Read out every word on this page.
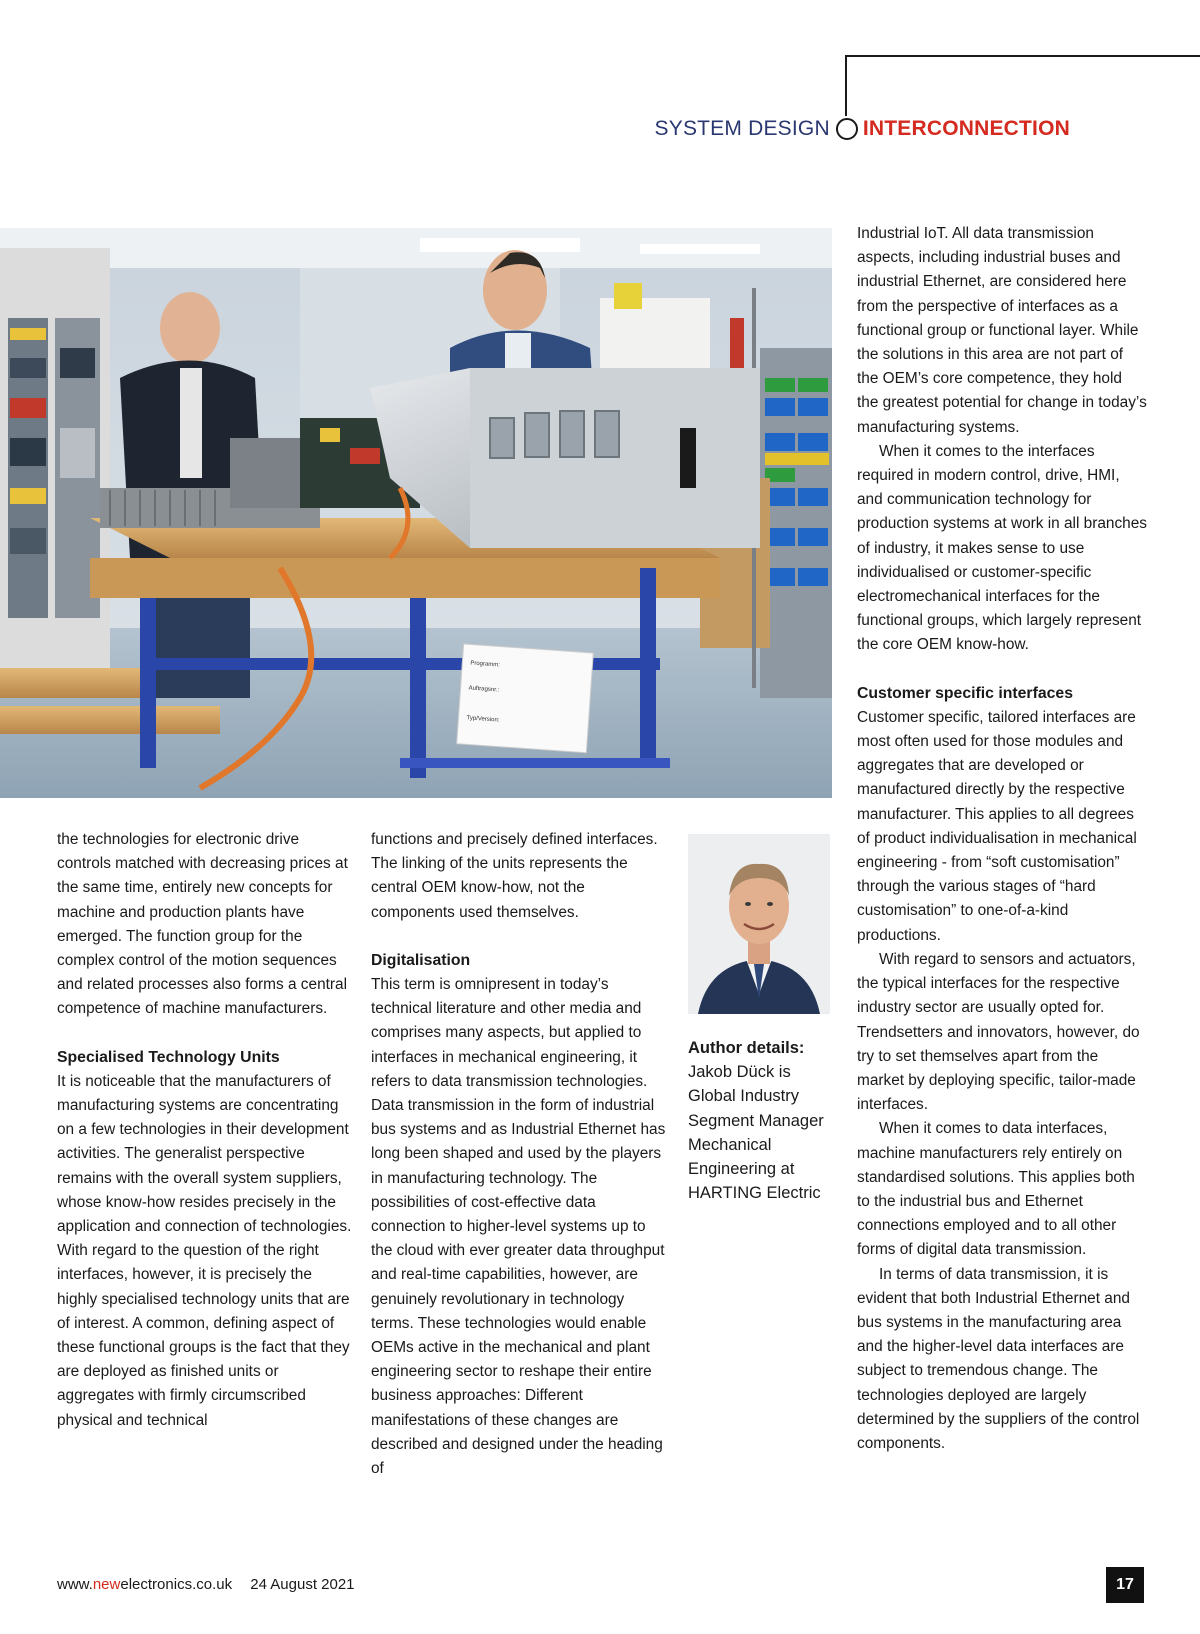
SYSTEM DESIGN INTERCONNECTION
Programm:
Auftragsnr.:
Typ/Version:

the technologies for electronic drive controls matched with decreasing prices at the same time, entirely new concepts for machine and production plants have emerged. The function group for the complex control of the motion sequences and related processes also forms a central competence of machine manufacturers.

Specialised Technology Units

It is noticeable that the manufacturers of manufacturing systems are concentrating on a few technologies in their development activities. The generalist perspective remains with the overall system suppliers, whose know-how resides precisely in the application and connection of technologies. With regard to the question of the right interfaces, however, it is precisely the highly specialised technology units that are of interest. A common, defining aspect of these functional groups is the fact that they are deployed as finished units or aggregates with firmly circumscribed physical and technical

functions and precisely defined interfaces. The linking of the units represents the central OEM know-how, not the components used themselves.

Digitalisation

This term is omnipresent in today’s technical literature and other media and comprises many aspects, but applied to interfaces in mechanical engineering, it refers to data transmission technologies. Data transmission in the form of industrial bus systems and as Industrial Ethernet has long been shaped and used by the players in manufacturing technology. The possibilities of cost-effective data connection to higher-level systems up to the cloud with ever greater data throughput and real-time capabilities, however, are genuinely revolutionary in technology terms. These technologies would enable OEMs active in the mechanical and plant engineering sector to reshape their entire business approaches: Different manifestations of these changes are described and designed under the heading of

Author details:
Jakob Dück is Global Industry Segment Manager Mechanical Engineering at HARTING Electric

Industrial IoT. All data transmission aspects, including industrial buses and industrial Ethernet, are considered here from the perspective of interfaces as a functional group or functional layer. While the solutions in this area are not part of the OEM’s core competence, they hold the greatest potential for change in today’s manufacturing systems.

When it comes to the interfaces required in modern control, drive, HMI, and communication technology for production systems at work in all branches of industry, it makes sense to use individualised or customer-specific electromechanical interfaces for the functional groups, which largely represent the core OEM know-how.

Customer specific interfaces

Customer specific, tailored interfaces are most often used for those modules and aggregates that are developed or manufactured directly by the respective manufacturer. This applies to all degrees of product individualisation in mechanical engineering - from “soft customisation” through the various stages of “hard customisation” to one-of-a-kind productions.

With regard to sensors and actuators, the typical interfaces for the respective industry sector are usually opted for. Trendsetters and innovators, however, do try to set themselves apart from the market by deploying specific, tailor-made interfaces.

When it comes to data interfaces, machine manufacturers rely entirely on standardised solutions. This applies both to the industrial bus and Ethernet connections employed and to all other forms of digital data transmission.

In terms of data transmission, it is evident that both Industrial Ethernet and bus systems in the manufacturing area and the higher-level data interfaces are subject to tremendous change. The technologies deployed are largely determined by the suppliers of the control components.

www.newelectronics.co.uk 24 August 2021	17
